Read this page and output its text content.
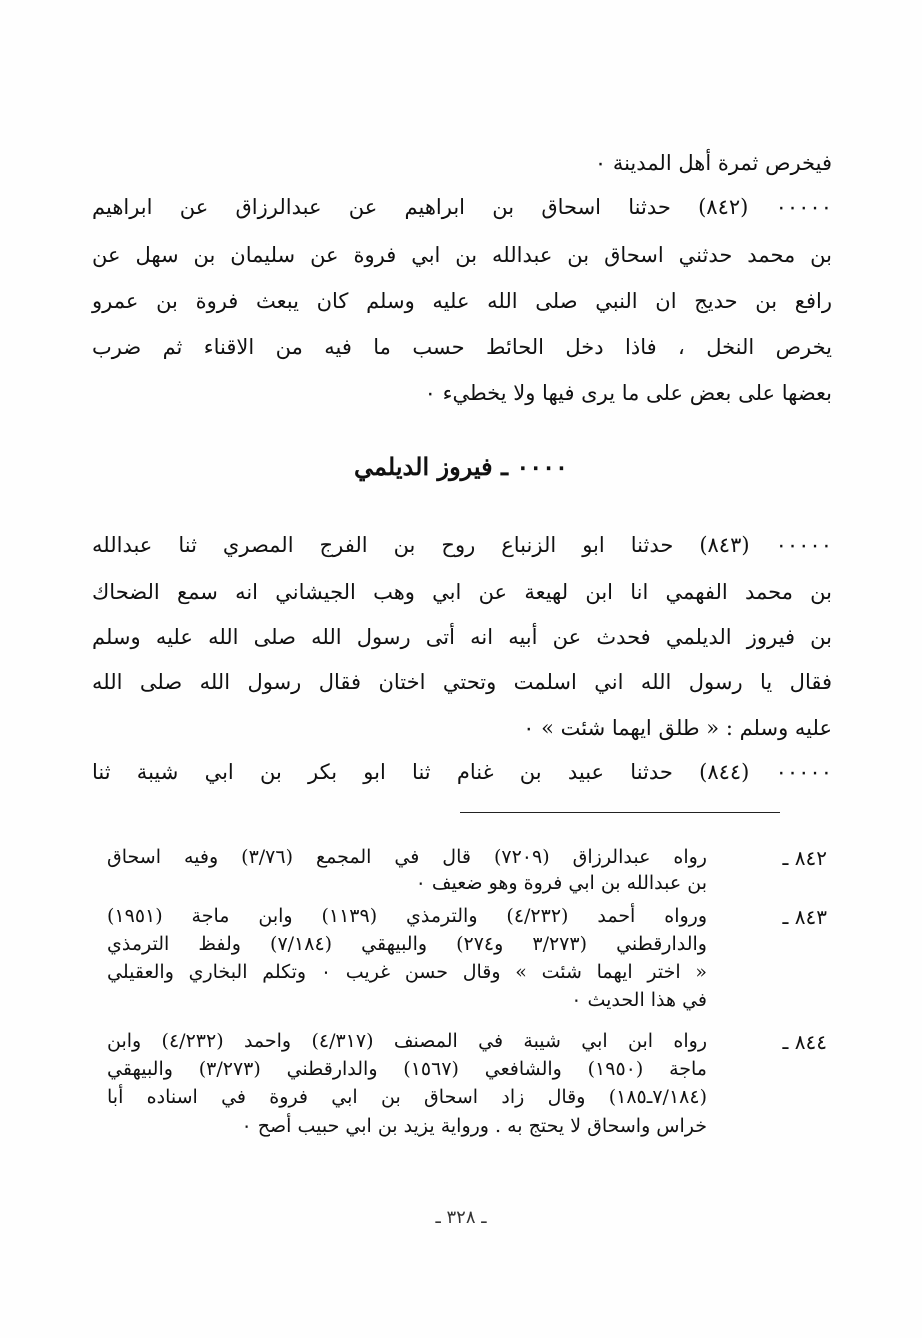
فيخرص ثمرة أهل المدينة ٠
٠٠٠٠٠ (٨٤٢) حدثنا اسحاق بن ابراهيم عن عبدالرزاق عن ابراهيم
بن محمد حدثني اسحاق بن عبدالله بن ابي فروة عن سليمان بن سهل عن
رافع بن حديج ان النبي صلى الله عليه وسلم كان يبعث فروة بن عمرو
يخرص النخل ، فاذا دخل الحائط حسب ما فيه من الاقناء ثم ضرب
بعضها على بعض على ما يرى فيها ولا يخطيء ٠
٠٠٠٠ ـ فيروز الديلمي
٠٠٠٠٠ (٨٤٣) حدثنا ابو الزنباع روح بن الفرج المصري ثنا عبدالله
بن محمد الفهمي انا ابن لهيعة عن ابي وهب الجيشاني انه سمع الضحاك
بن فيروز الديلمي فحدث عن أبيه انه أتى رسول الله صلى الله عليه وسلم
فقال يا رسول الله اني اسلمت وتحتي اختان فقال رسول الله صلى الله
عليه وسلم : « طلق ايهما شئت » ٠
٠٠٠٠٠ (٨٤٤) حدثنا عبيد بن غنام ثنا ابو بكر بن ابي شيبة ثنا
٨٤٢ ـ
رواه عبدالرزاق (٧٢٠٩) قال في المجمع (٣/٧٦) وفيه اسحاق
بن عبدالله بن ابي فروة وهو ضعيف ٠
٨٤٣ ـ
ورواه أحمد (٤/٢٣٢) والترمذي (١١٣٩) وابن ماجة (١٩٥١)
والدارقطني (٣/٢٧٣ و٢٧٤) والبيهقي (٧/١٨٤) ولفظ الترمذي
« اختر ايهما شئت » وقال حسن غريب ٠ وتكلم البخاري والعقيلي
في هذا الحديث ٠
٨٤٤ ـ
رواه ابن ابي شيبة في المصنف (٤/٣١٧) واحمد (٤/٢٣٢) وابن
ماجة (١٩٥٠) والشافعي (١٥٦٧) والدارقطني (٣/٢٧٣) والبيهقي
(٧/١٨٤ـ١٨٥) وقال زاد اسحاق بن ابي فروة في اسناده أبا
خراس واسحاق لا يحتج به . ورواية يزيد بن ابي حبيب أصح ٠
ـ ٣٢٨ ـ
